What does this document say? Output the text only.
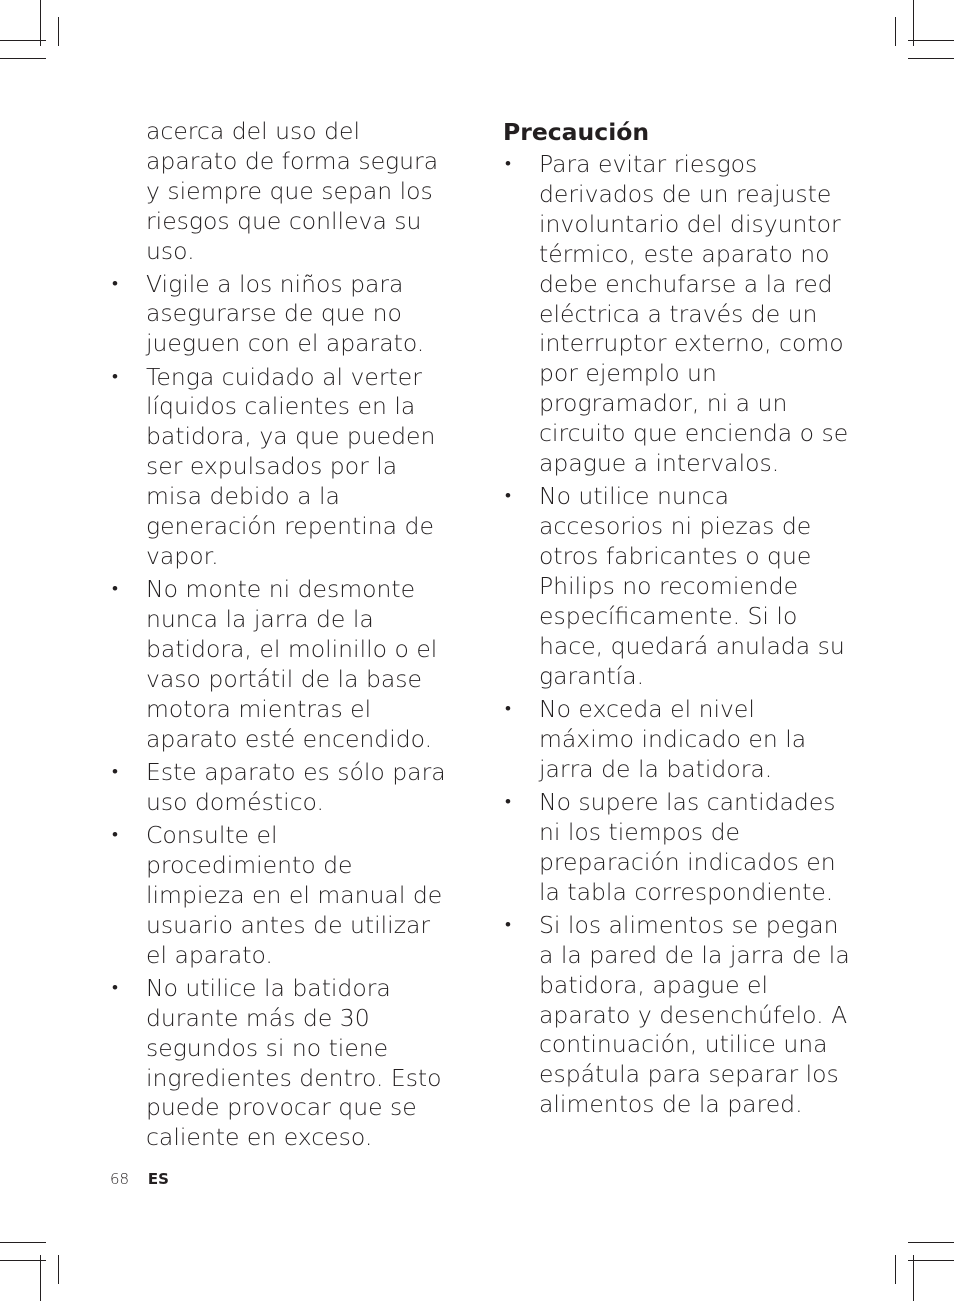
acerca del uso del aparato de forma segura y siempre que sepan los riesgos que conlleva su uso.

• Vigile a los niños para asegurarse de que no jueguen con el aparato.
• Tenga cuidado al verter líquidos calientes en la batidora, ya que pueden ser expulsados por la misa debido a la generación repentina de vapor.
• No monte ni desmonte nunca la jarra de la batidora, el molinillo o el vaso portátil de la base motora mientras el aparato esté encendido.
• Este aparato es sólo para uso doméstico.
• Consulte el procedimiento de limpieza en el manual de usuario antes de utilizar el aparato.
• No utilice la batidora durante más de 30 segundos si no tiene ingredientes dentro. Esto puede provocar que se caliente en exceso.
Precaución
• Para evitar riesgos derivados de un reajuste involuntario del disyuntor térmico, este aparato no debe enchufarse a la red eléctrica a través de un interruptor externo, como por ejemplo un programador, ni a un circuito que encienda o se apague a intervalos.
• No utilice nunca accesorios ni piezas de otros fabricantes o que Philips no recomiende específicamente. Si lo hace, quedará anulada su garantía.
• No exceda el nivel máximo indicado en la jarra de la batidora.
• No supere las cantidades ni los tiempos de preparación indicados en la tabla correspondiente.
• Si los alimentos se pegan a la pared de la jarra de la batidora, apague el aparato y desenchúfelo. A continuación, utilice una espátula para separar los alimentos de la pared.
68 ES
